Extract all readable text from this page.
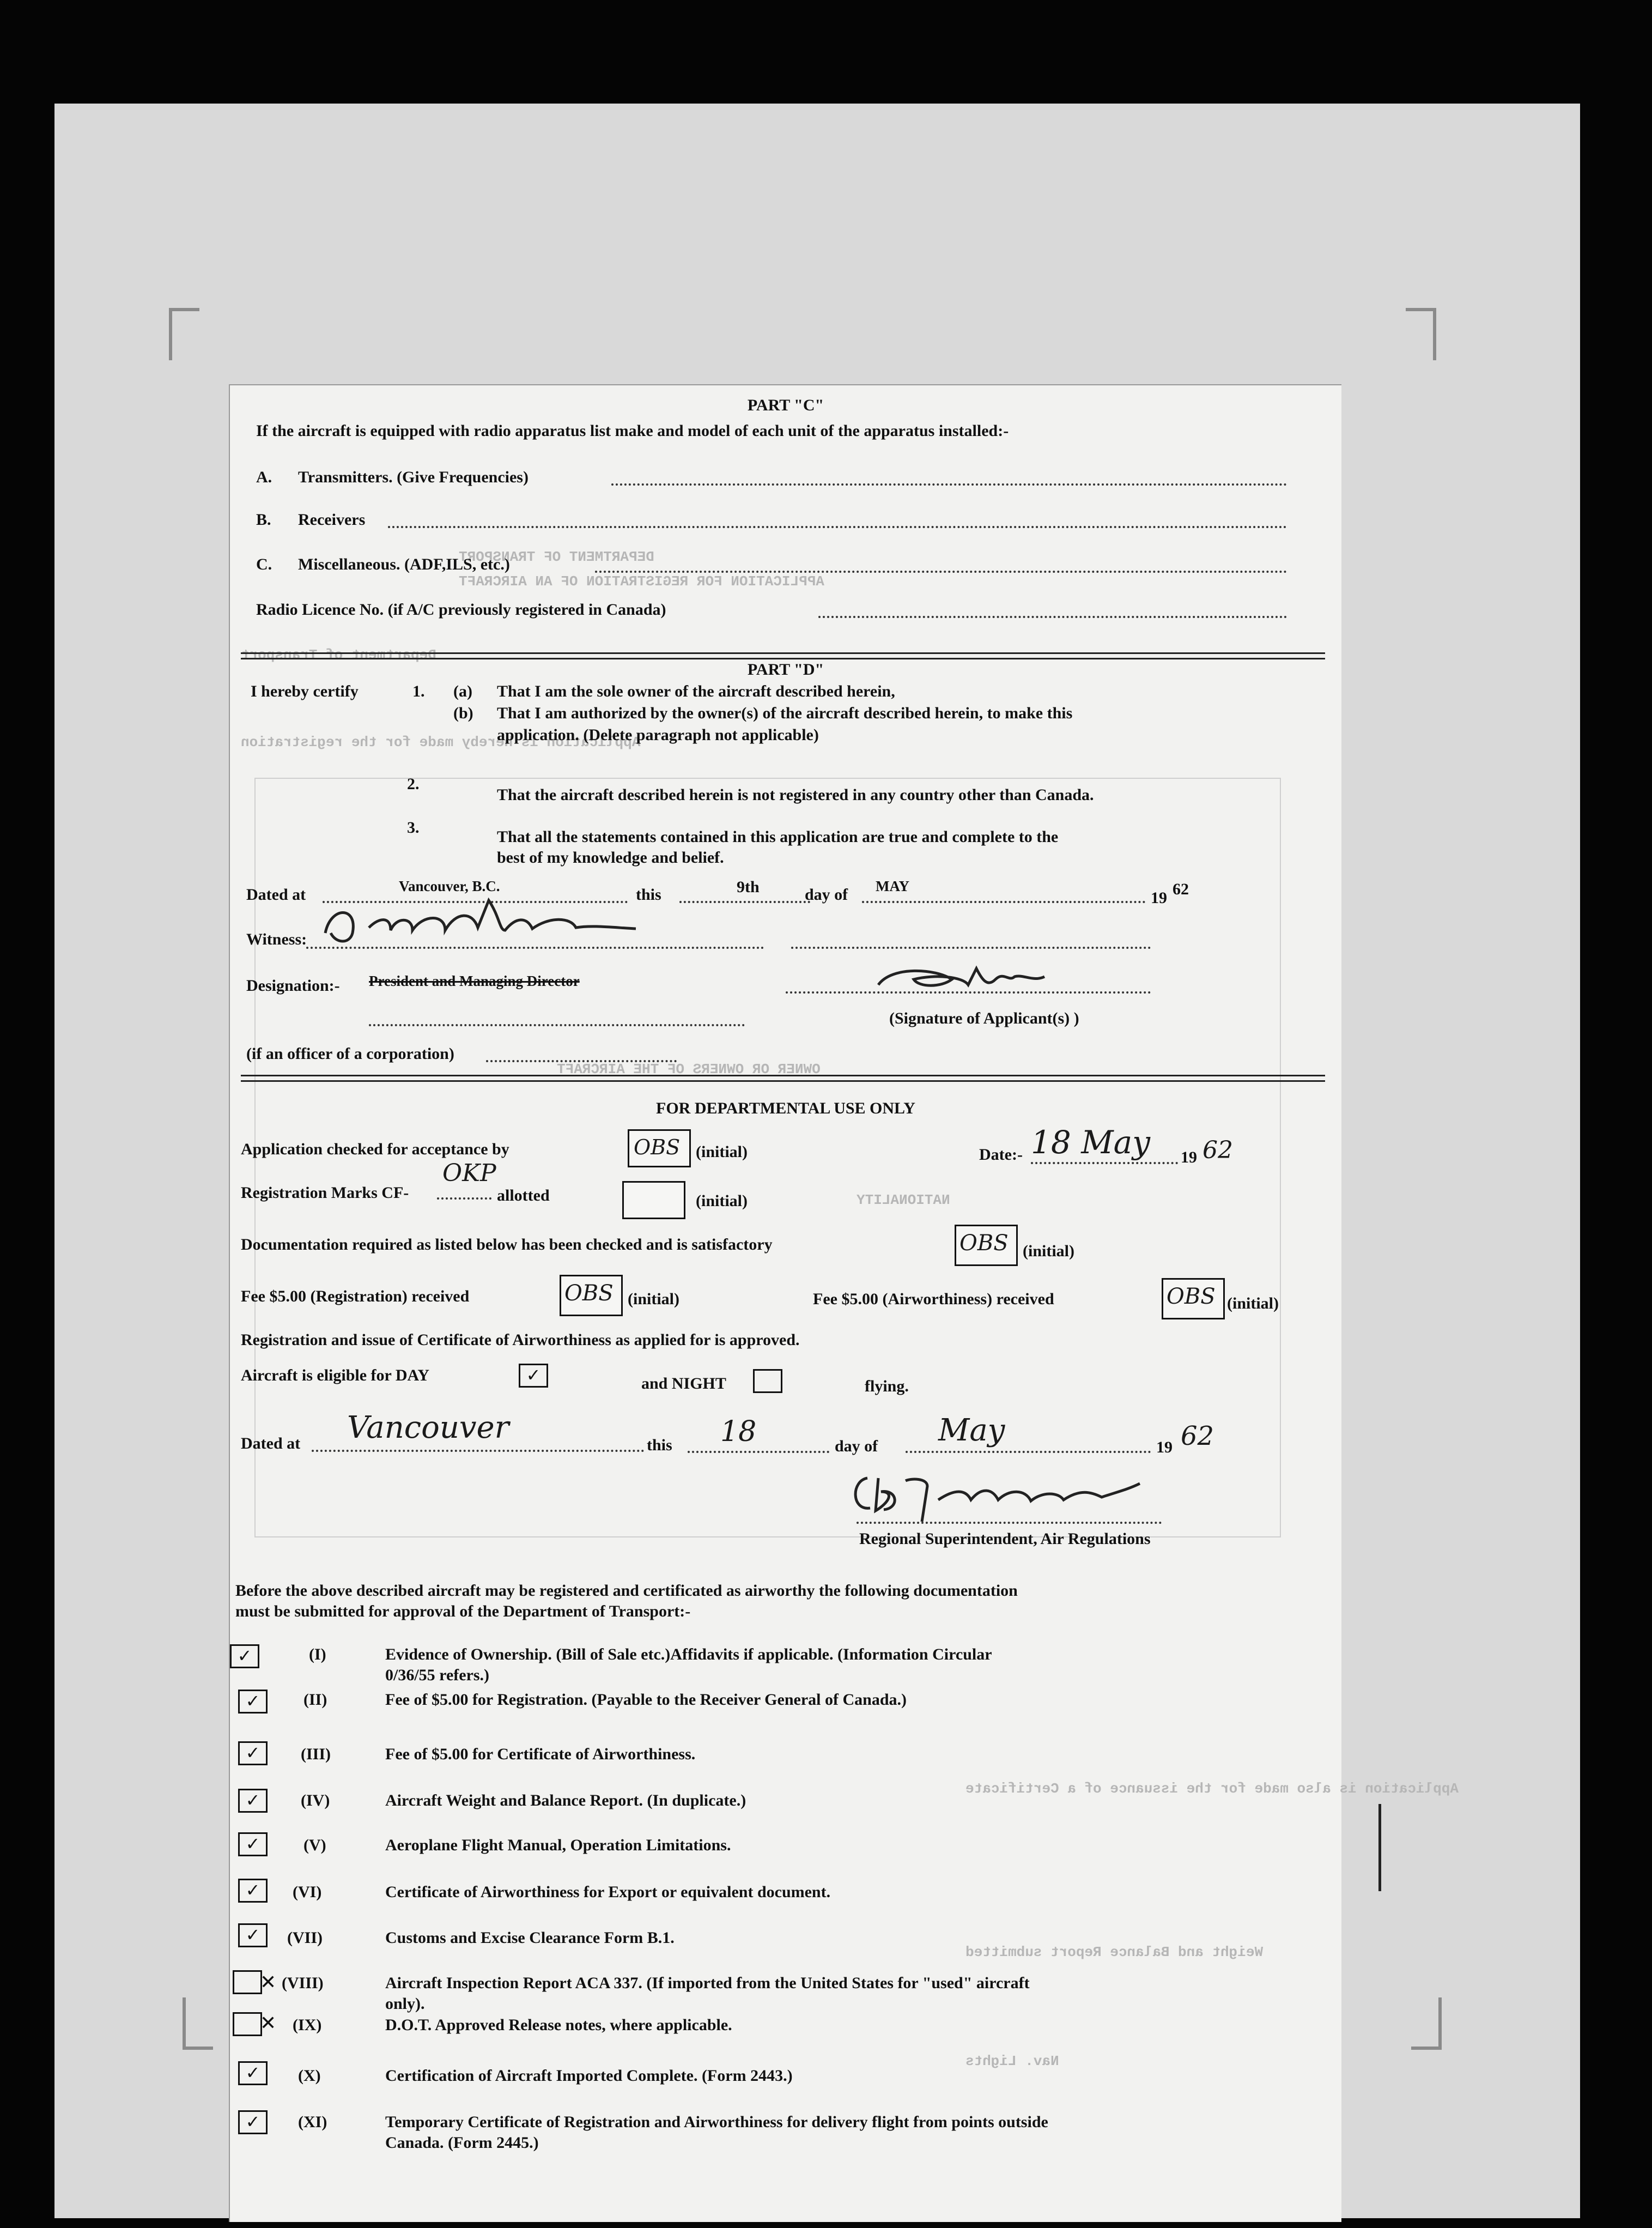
DEPARTMENT OF TRANSPORT
APPLICATION FOR REGISTRATION OF AN AIRCRAFT
Department of Transport
Application is hereby made for the registration
OWNER OR OWNERS OF THE AIRCRAFT
NATIONALITY
Application is also made for the issuance of a Certificate
Weight and Balance Report submitted
Nav. Lights
PART "C"
If the aircraft is equipped with radio apparatus list make and model of each unit of the apparatus installed:-
A. Transmitters. (Give Frequencies)
B. Receivers
C. Miscellaneous. (ADF,ILS, etc.)
Radio Licence No. (if A/C previously registered in Canada)
PART "D"
I hereby certify	1. (a) That I am the sole owner of the aircraft described herein,
(b) That I am authorized by the owner(s) of the aircraft described herein, to make this
application. (Delete paragraph not applicable)
2.
That the aircraft described herein is not registered in any country other than Canada.
3.
That all the statements contained in this application are true and complete to the
best of my knowledge and belief.
Dated at	Vancouver, B.C.	this	9th	day of MAY
19 62
Witness:
Designation:- President and Managing Director
(Signature of Applicant(s) )
(if an officer of a corporation)
FOR DEPARTMENTAL USE ONLY
Application checked for acceptance by	OBS (initial)	Date:- 18 May 19 62
Registration Marks CF-
OKP
allotted	(initial)
Documentation required as listed below has been checked and is satisfactory	OBS (initial)
Fee $5.00 (Registration) received	OBS (initial)	Fee $5.00 (Airworthiness) received	OBS (initial)
Registration and issue of Certificate of Airworthiness as applied for is approved.
Aircraft is eligible for DAY	✓	and NIGHT	flying.
Dated at Vancouver	this 18	day of May	19 62
Regional Superintendent, Air Regulations
Before the above described aircraft may be registered and certificated as airworthy the following documentation
must be submitted for approval of the Department of Transport:-
✓	(I)	Evidence of Ownership. (Bill of Sale etc.)Affidavits if applicable. (Information Circular
0/36/55 refers.)
✓	(II)	Fee of $5.00 for Registration. (Payable to the Receiver General of Canada.)
✓	(III)	Fee of $5.00 for Certificate of Airworthiness.
✓	(IV)	Aircraft Weight and Balance Report. (In duplicate.)
✓	(V)	Aeroplane Flight Manual, Operation Limitations.
✓	(VI)	Certificate of Airworthiness for Export or equivalent document.
✓	(VII)	Customs and Excise Clearance Form B.1.
✕ (VIII)	Aircraft Inspection Report ACA 337. (If imported from the United States for "used" aircraft
only).
✕ (IX)	D.O.T. Approved Release notes, where applicable.
✓	(X)	Certification of Aircraft Imported Complete. (Form 2443.)
✓	(XI)	Temporary Certificate of Registration and Airworthiness for delivery flight from points outside
Canada. (Form 2445.)
